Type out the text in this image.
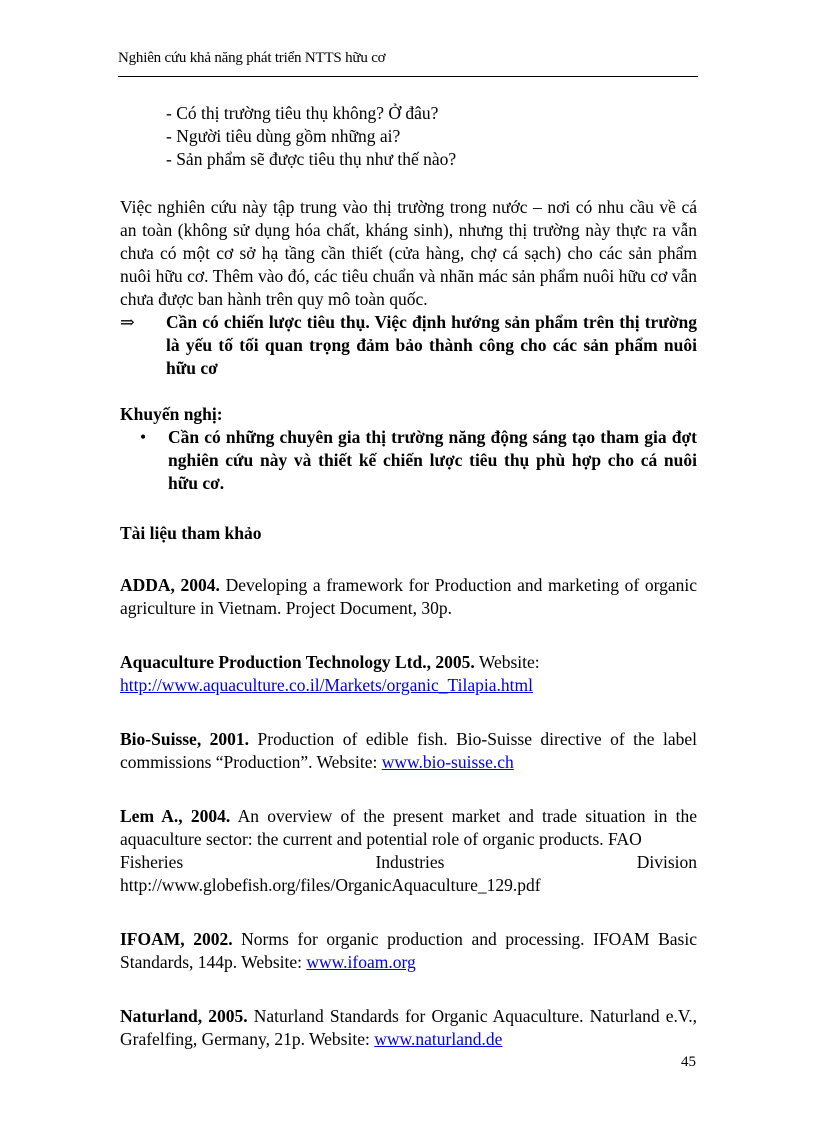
Nghiên cứu khả năng phát triển NTTS hữu cơ
- Có thị trường tiêu thụ không? Ở đâu?
- Người tiêu dùng gồm những ai?
- Sản phẩm sẽ được tiêu thụ như thế nào?

Việc nghiên cứu này tập trung vào thị trường trong nước – nơi có nhu cầu về cá an toàn (không sử dụng hóa chất, kháng sinh), nhưng thị trường này thực ra vẫn chưa có một cơ sở hạ tầng cần thiết (cửa hàng, chợ cá sạch) cho các sản phẩm nuôi hữu cơ. Thêm vào đó, các tiêu chuẩn và nhãn mác sản phẩm nuôi hữu cơ vẫn chưa được ban hành trên quy mô toàn quốc.

⇒	Cần có chiến lược tiêu thụ. Việc định hướng sản phẩm trên thị trường là yếu tố tối quan trọng đảm bảo thành công cho các sản phẩm nuôi hữu cơ

Khuyến nghị:

•	Cần có những chuyên gia thị trường năng động sáng tạo tham gia đợt nghiên cứu này và thiết kế chiến lược tiêu thụ phù hợp cho cá nuôi hữu cơ.

Tài liệu tham khảo

ADDA, 2004. Developing a framework for Production and marketing of organic agriculture in Vietnam. Project Document, 30p.

Aquaculture Production Technology Ltd., 2005. Website:
http://www.aquaculture.co.il/Markets/organic_Tilapia.html

Bio-Suisse, 2001. Production of edible fish. Bio-Suisse directive of the label commissions “Production”. Website: www.bio-suisse.ch

Lem A., 2004. An overview of the present market and trade situation in the aquaculture sector: the current and potential role of organic products. FAO

Fisheries	Industries	Division

http://www.globefish.org/files/OrganicAquaculture_129.pdf

IFOAM, 2002. Norms for organic production and processing. IFOAM Basic Standards, 144p. Website: www.ifoam.org

Naturland, 2005. Naturland Standards for Organic Aquaculture. Naturland e.V., Grafelfing, Germany, 21p. Website: www.naturland.de

45
